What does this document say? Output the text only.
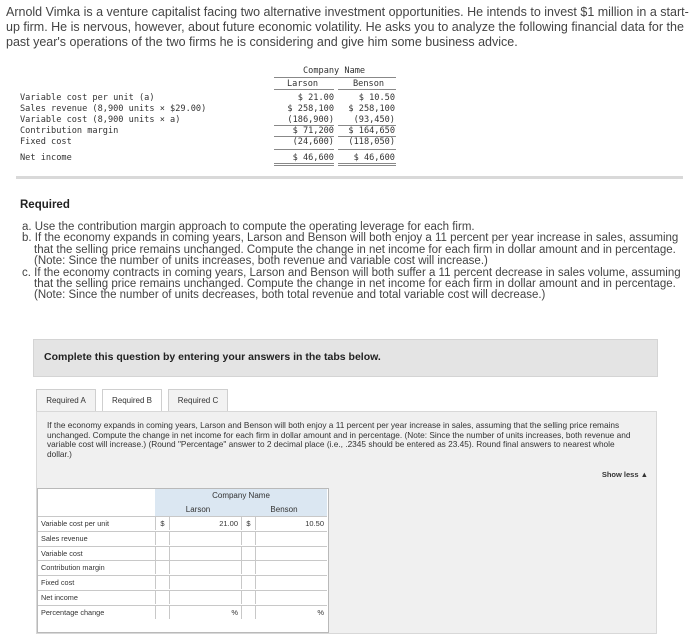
Arnold Vimka is a venture capitalist facing two alternative investment opportunities. He intends to invest $1 million in a start-up firm. He is nervous, however, about future economic volatility. He asks you to analyze the following financial data for the past year's operations of the two firms he is considering and give him some business advice.
Company Name
Larson	Benson
Variable cost per unit (a)	$ 21.00	$ 10.50
Sales revenue (8,900 units × $29.00)	$ 258,100	$ 258,100
Variable cost (8,900 units × a)	(186,900)	(93,450)
Contribution margin	$ 71,200	$ 164,650
Fixed cost	(24,600)	(118,050)
Net income	$ 46,600	$ 46,600
Required

a. Use the contribution margin approach to compute the operating leverage for each firm.

b. If the economy expands in coming years, Larson and Benson will both enjoy a 11 percent per year increase in sales, assuming that the selling price remains unchanged. Compute the change in net income for each firm in dollar amount and in percentage. (Note: Since the number of units increases, both revenue and variable cost will increase.)

c. If the economy contracts in coming years, Larson and Benson will both suffer a 11 percent decrease in sales volume, assuming that the selling price remains unchanged. Compute the change in net income for each firm in dollar amount and in percentage. (Note: Since the number of units decreases, both total revenue and total variable cost will decrease.)

Complete this question by entering your answers in the tabs below.
Required A	Required B	Required C
If the economy expands in coming years, Larson and Benson will both enjoy a 11 percent per year increase in sales, assuming that the selling price remains unchanged. Compute the change in net income for each firm in dollar amount and in percentage. (Note: Since the number of units increases, both revenue and variable cost will increase.) (Round "Percentage" answer to 2 decimal place (i.e., .2345 should be entered as 23.45). Round final answers to nearest whole dollar.)
Show less ▲
Company Name
Larson	Benson
Variable cost per unit	$	21.00	$	10.50
Sales revenue
Variable cost
Contribution margin
Fixed cost
Net income
Percentage change	%	%
